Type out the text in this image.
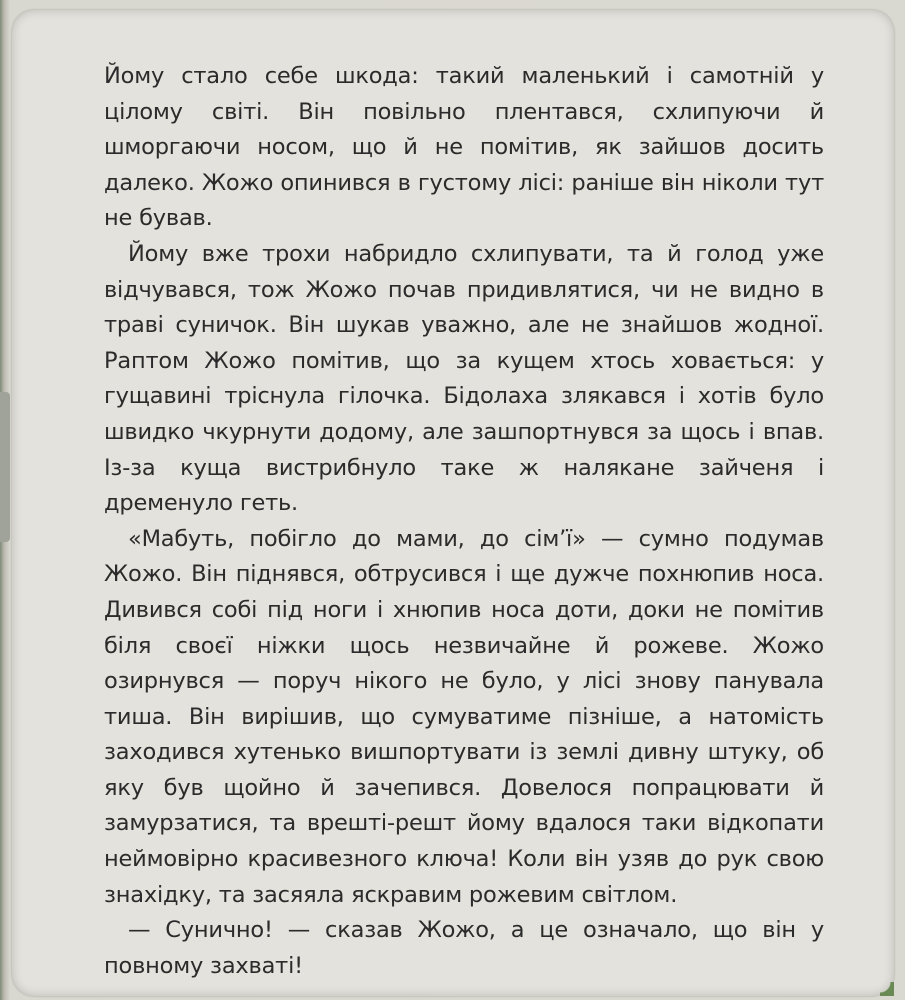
Йому стало себе шкода: такий маленький і самотній у цілому світі. Він повільно плентався, схлипуючи й шморгаючи носом, що й не помітив, як зайшов досить далеко. Жожо опинився в густому лісі: раніше він ніколи тут не бував.

Йому вже трохи набридло схлипувати, та й голод уже відчувався, тож Жожо почав придивлятися, чи не видно в траві суничок. Він шукав уважно, але не знайшов жодної. Раптом Жожо помітив, що за кущем хтось ховається: у гущавині тріснула гілочка. Бідолаха злякався і хотів було швидко чкурнути додому, але зашпортнувся за щось і впав. Із-за куща вистрибнуло таке ж налякане зайченя і дременуло геть.

«Мабуть, побігло до мами, до сім’ї» — сумно подумав Жожо. Він піднявся, обтрусився і ще дужче похнюпив носа. Дивився собі під ноги і хнюпив носа доти, доки не помітив біля своєї ніжки щось незвичайне й рожеве. Жожо озирнувся — поруч нікого не було, у лісі знову панувала тиша. Він вирішив, що сумуватиме пізніше, а натомість заходився хутенько вишпортувати із землі дивну штуку, об яку був щойно й зачепився. Довелося попрацювати й замурзатися, та врешті-решт йому вдалося таки відкопати неймовірно красивезного ключа! Коли він узяв до рук свою знахідку, та засяяла яскравим рожевим світлом.

— Сунично! — сказав Жожо, а це означало, що він у повному захваті!
